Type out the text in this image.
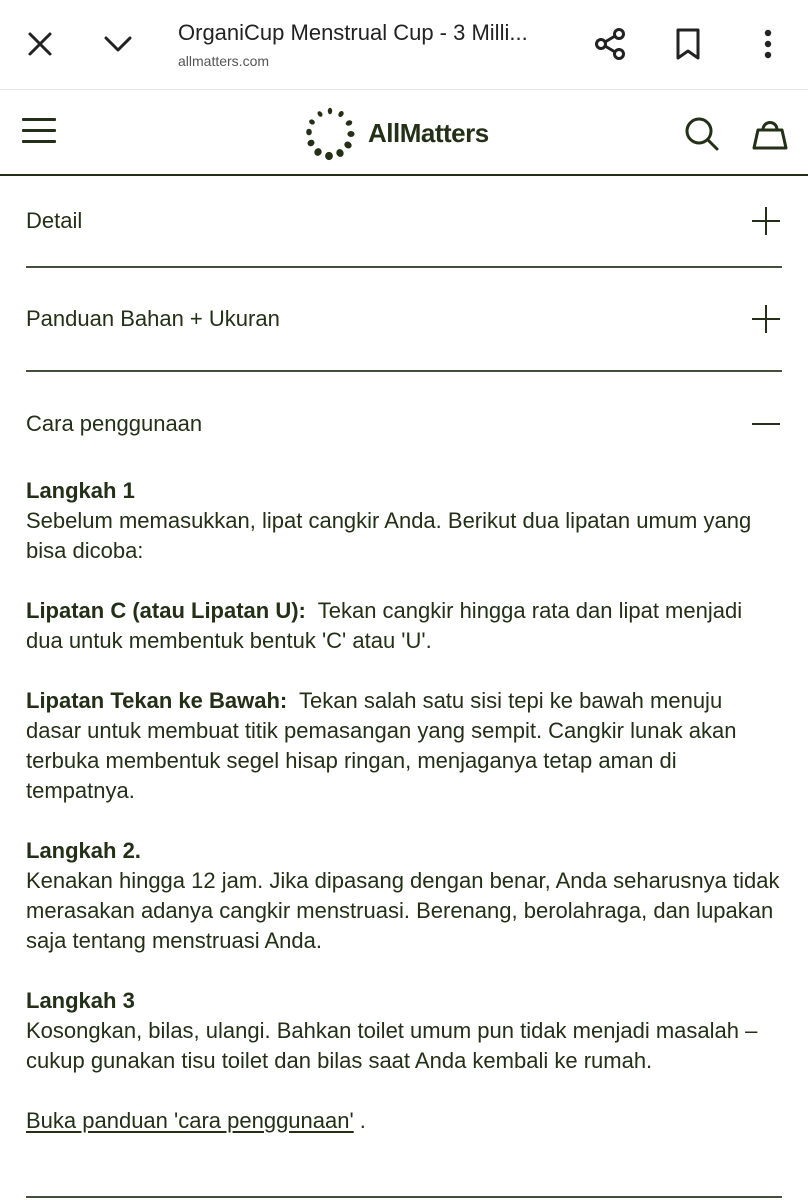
OrganiCup Menstrual Cup - 3 Milli...
allmatters.com
AllMatters
Detail
Panduan Bahan + Ukuran
Cara penggunaan

Langkah 1
Sebelum memasukkan, lipat cangkir Anda. Berikut dua lipatan umum yang bisa dicoba:

Lipatan C (atau Lipatan U): Tekan cangkir hingga rata dan lipat menjadi dua untuk membentuk bentuk 'C' atau 'U'.

Lipatan Tekan ke Bawah: Tekan salah satu sisi tepi ke bawah menuju dasar untuk membuat titik pemasangan yang sempit. Cangkir lunak akan terbuka membentuk segel hisap ringan, menjaganya tetap aman di tempatnya.

Langkah 2.
Kenakan hingga 12 jam. Jika dipasang dengan benar, Anda seharusnya tidak merasakan adanya cangkir menstruasi. Berenang, berolahraga, dan lupakan saja tentang menstruasi Anda.

Langkah 3
Kosongkan, bilas, ulangi. Bahkan toilet umum pun tidak menjadi masalah – cukup gunakan tisu toilet dan bilas saat Anda kembali ke rumah.

Buka panduan 'cara penggunaan' .
